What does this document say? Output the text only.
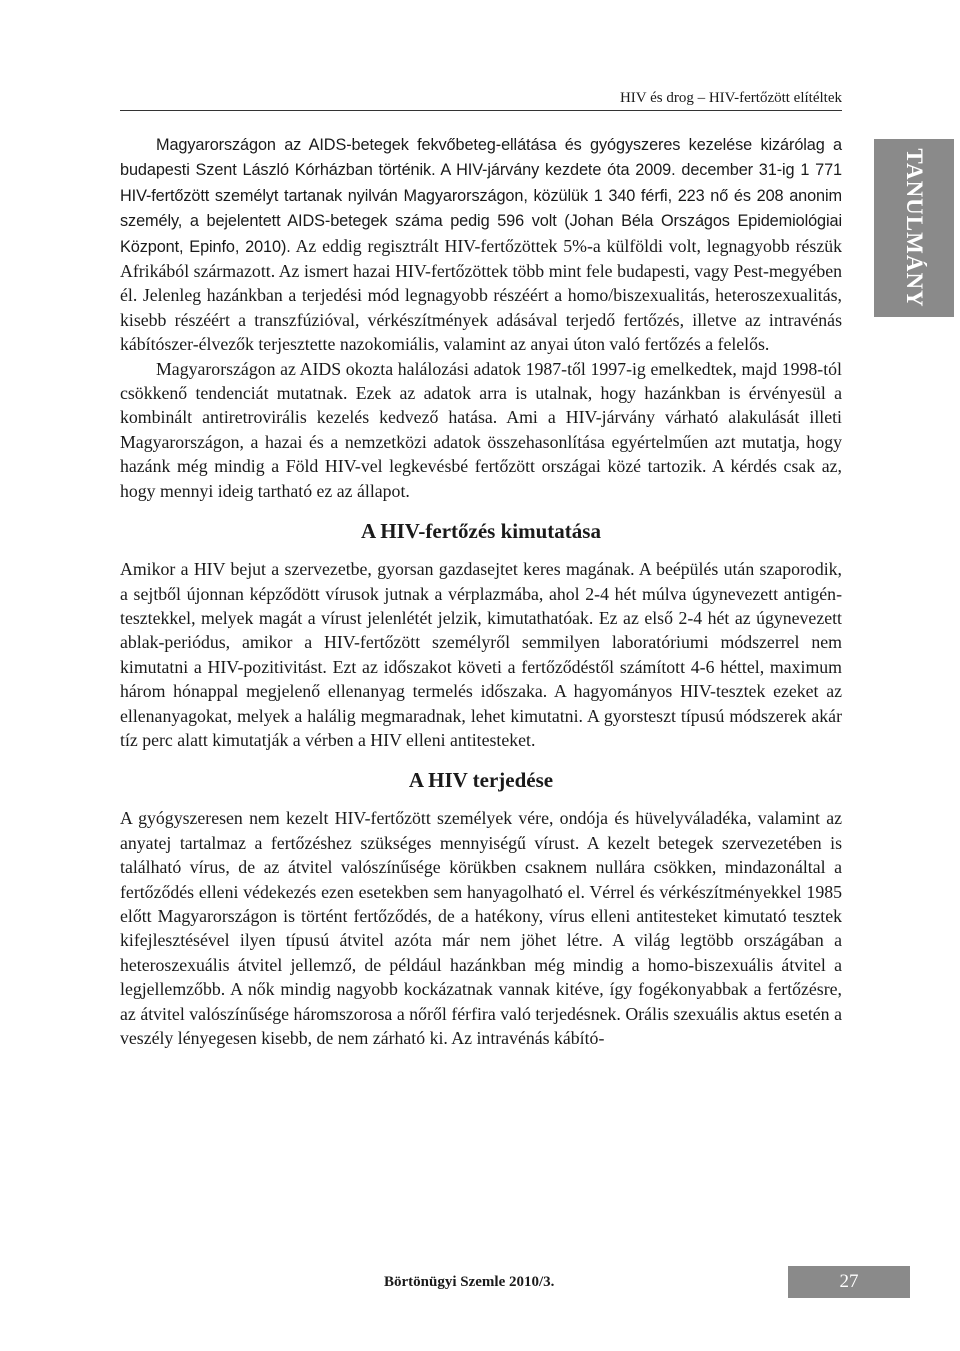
HIV és drog – HIV-fertőzött elítéltek
TANULMÁNY

Magyarországon az AIDS-betegek fekvőbeteg-ellátása és gyógyszeres kezelése kizárólag a budapesti Szent László Kórházban történik. A HIV-járvány kezdete óta 2009. december 31-ig 1 771 HIV-fertőzött személyt tartanak nyilván Magyarországon, közülük 1 340 férfi, 223 nő és 208 anonim személy, a bejelentett AIDS-betegek száma pedig 596 volt (Johan Béla Országos Epidemiológiai Központ, Epinfo, 2010). Az eddig regisztrált HIV-fertőzöttek 5%-a külföldi volt, legnagyobb részük Afrikából származott. Az ismert hazai HIV-fertőzöttek több mint fele budapesti, vagy Pest-megyében él. Jelenleg hazánkban a terjedési mód legnagyobb részéért a homo/biszexualitás, heteroszexualitás, kisebb részéért a transzfúzióval, vérkészítmények adásával terjedő fertőzés, illetve az intravénás kábítószer-élvezők terjesztette nazokomiális, valamint az anyai úton való fertőzés a felelős.

Magyarországon az AIDS okozta halálozási adatok 1987-től 1997-ig emelkedtek, majd 1998-tól csökkenő tendenciát mutatnak. Ezek az adatok arra is utalnak, hogy hazánkban is érvényesül a kombinált antiretrovirális kezelés kedvező hatása. Ami a HIV-járvány várható alakulását illeti Magyarországon, a hazai és a nemzetközi adatok összehasonlítása egyértelműen azt mutatja, hogy hazánk még mindig a Föld HIV-vel legkevésbé fertőzött országai közé tartozik. A kérdés csak az, hogy mennyi ideig tartható ez az állapot.

A HIV-fertőzés kimutatása

Amikor a HIV bejut a szervezetbe, gyorsan gazdasejtet keres magának. A beépülés után szaporodik, a sejtből újonnan képződött vírusok jutnak a vérplazmába, ahol 2-4 hét múlva úgynevezett antigén-tesztekkel, melyek magát a vírust jelenlétét jelzik, kimutathatóak. Ez az első 2-4 hét az úgynevezett ablak-periódus, amikor a HIV-fertőzött személyről semmilyen laboratóriumi módszerrel nem kimutatni a HIV-pozitivitást. Ezt az időszakot követi a fertőződéstől számított 4-6 héttel, maximum három hónappal megjelenő ellenanyag termelés időszaka. A hagyományos HIV-tesztek ezeket az ellenanyagokat, melyek a halálig megmaradnak, lehet kimutatni. A gyorsteszt típusú módszerek akár tíz perc alatt kimutatják a vérben a HIV elleni antitesteket.

A HIV terjedése

A gyógyszeresen nem kezelt HIV-fertőzött személyek vére, ondója és hüvelyváladéka, valamint az anyatej tartalmaz a fertőzéshez szükséges mennyiségű vírust. A kezelt betegek szervezetében is található vírus, de az átvitel valószínűsége körükben csaknem nullára csökken, mindazonáltal a fertőződés elleni védekezés ezen esetekben sem hanyagolható el. Vérrel és vérkészítményekkel 1985 előtt Magyarországon is történt fertőződés, de a hatékony, vírus elleni antitesteket kimutató tesztek kifejlesztésével ilyen típusú átvitel azóta már nem jöhet létre. A világ legtöbb országában a heteroszexuális átvitel jellemző, de például hazánkban még mindig a homo-biszexuális átvitel a legjellemzőbb. A nők mindig nagyobb kockázatnak vannak kitéve, így fogékonyabbak a fertőzésre, az átvitel valószínűsége háromszorosa a nőről férfira való terjedésnek. Orális szexuális aktus esetén a veszély lényegesen kisebb, de nem zárható ki. Az intravénás kábító-

Börtönügyi Szemle 2010/3.	27
